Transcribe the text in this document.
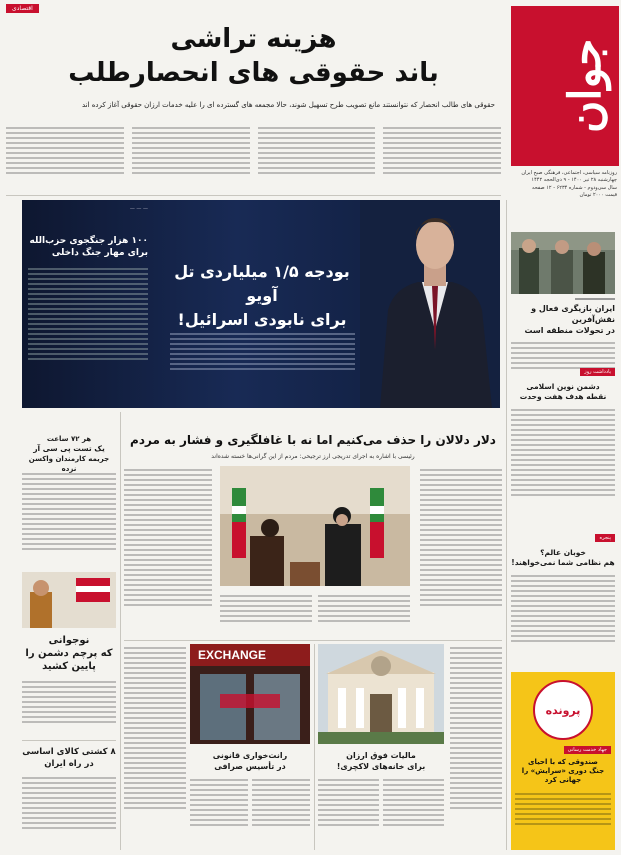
جوان
روزنامه سیاسی، اجتماعی، فرهنگی صبح ایران
چهارشنبه ۲۸ تیر ۱۴۰۰ - ۹ ذی‌الحجه ۱۴۴۲
سال سی‌ودوم - شماره ۶۲۳۴ - ۱۲ صفحه
قیمت ۲۰۰۰ تومان
اقتصادی
هزینه تراشی
باند حقوقی های انحصارطلب
حقوقی های طالب انحصار که نتوانستند مانع تصویب طرح تسهیل شوند، حالا مجمعه های گسترده ای را علیه خدمات ارزان حقوقی آغاز کرده اند
— — —
۱۰۰ هزار جنگجوی حزب‌الله
برای مهار جنگ داخلی
بودجه ۱/۵ میلیاردی تل آویو
برای نابودی اسرائیل!
ایران بازیگری فعال و نقش‌آفرین
در تحولات منطقه است
یادداشت روز
دشمن نوین اسلامی
نقطه هدف هفت وحدت
پنجره
خوبان عالم؟
هم نظامی شما نمی‌خواهند!
پرونده
جهاد خدمت رسانی
صندوقی که با احیای
جنگ دوری «سرایش» را
جهانی کرد
دلار دلالان را حذف می‌کنیم اما نه با غافلگیری و فشار به مردم
رئیسی با اشاره به اجرای تدریجی ارز ترجیحی: مردم از این گرانی‌ها خسته شده‌اند
EXCHANGE
رانت‌خواری قانونی
در تأسیس صرافی
مالیات فوق ارزان
برای خانه‌های لاکچری!
هر ۷۲ ساعت
یک تست پی سی آر
جریمه کارمندان واکسن نزده
نوجوانی
که پرچم دشمن را
پایین کشید
۸ کشتی کالای اساسی
در راه ایران
